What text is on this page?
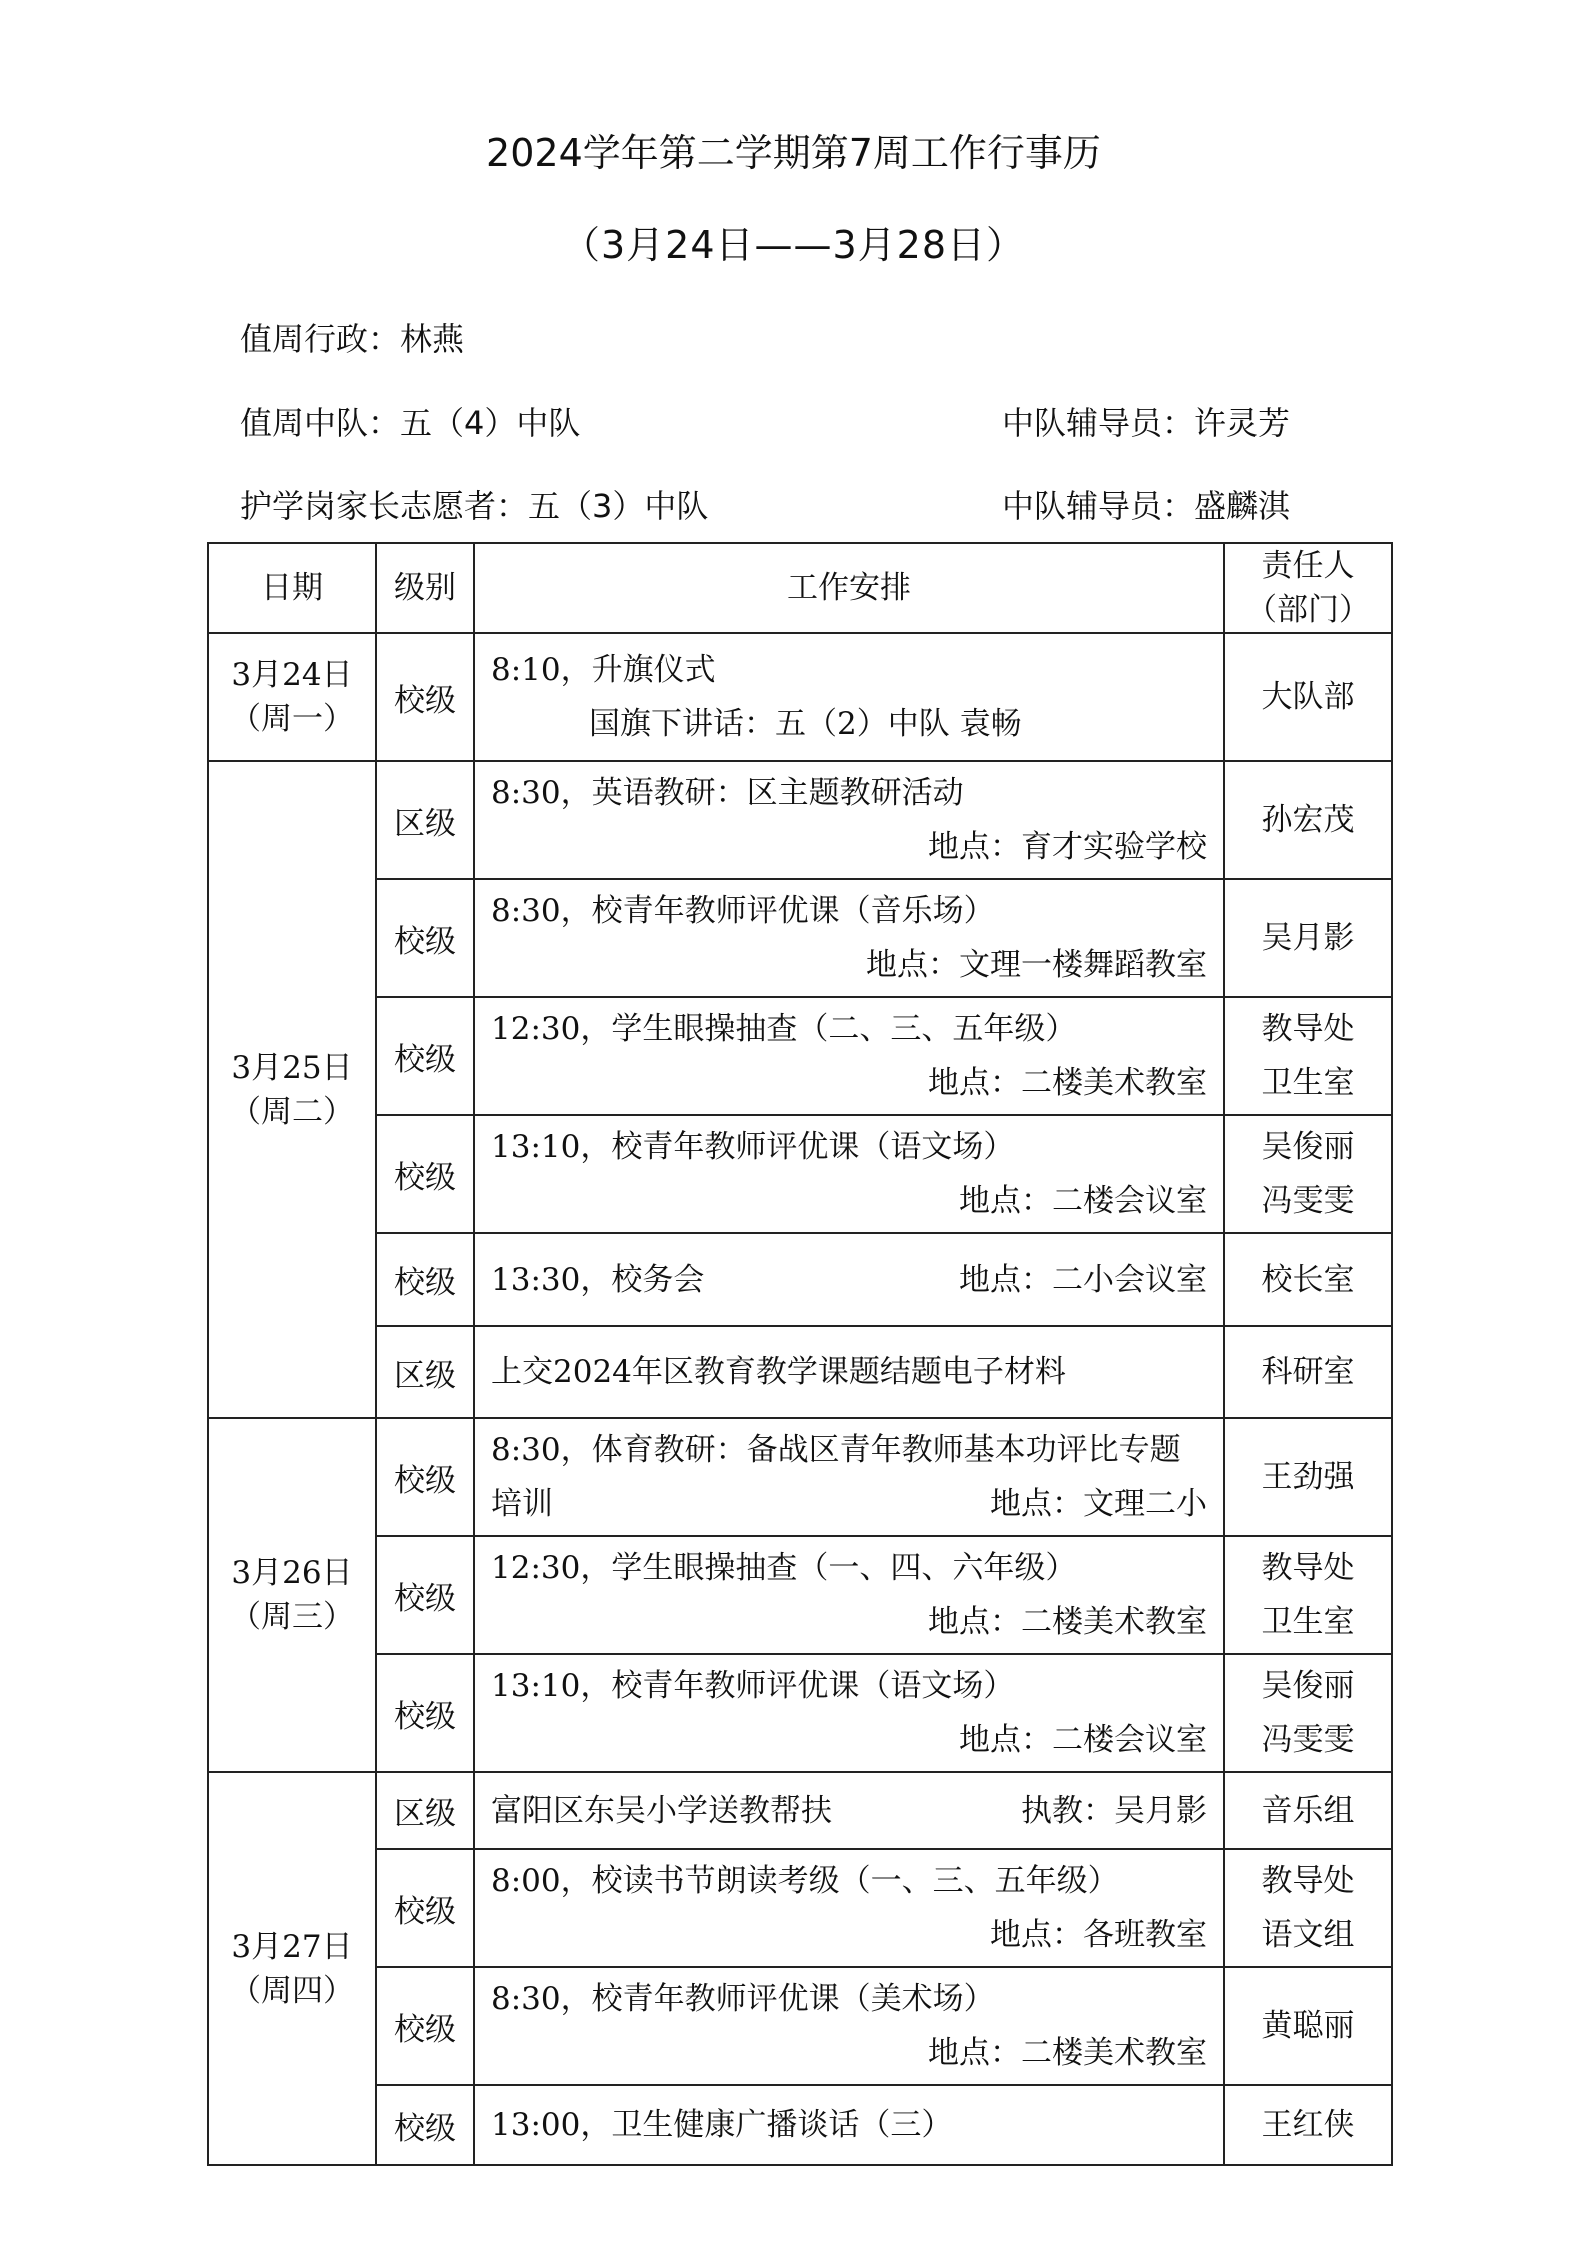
2024学年第二学期第7周工作行事历
（3月24日——3月28日）
值周行政：林燕
值周中队：五（4）中队	中队辅导员：许灵芳
护学岗家长志愿者：五（3）中队	中队辅导员：盛麟淇
日期	级别	工作安排	责任人
（部门）

3月24日
（周一）	校级	8:10，升旗仪式
国旗下讲话：五（2）中队 袁畅	大队部

3月25日
（周二）	区级	8:30，英语教研：区主题教研活动
地点：育才实验学校	孙宏茂
	校级	8:30，校青年教师评优课（音乐场）
地点：文理一楼舞蹈教室	吴月影
	校级	12:30，学生眼操抽查（二、三、五年级）
地点：二楼美术教室	教导处
卫生室

	校级	13:10，校青年教师评优课（语文场）
地点：二楼会议室	吴俊丽
冯雯雯

	校级	13:30，校务会 地点：二小会议室	校长室
	区级	上交2024年区教育教学课题结题电子材料	科研室

3月26日
（周三）	校级	8:30，体育教研：备战区青年教师基本功评比专题
培训 地点：文理二小	王劲强
	校级	12:30，学生眼操抽查（一、四、六年级）
地点：二楼美术教室	教导处
卫生室

	校级	13:10，校青年教师评优课（语文场）
地点：二楼会议室	吴俊丽
冯雯雯

3月27日
（周四）	区级	富阳区东吴小学送教帮扶 执教：吴月影	音乐组
	校级	8:00，校读书节朗读考级（一、三、五年级）
地点：各班教室	教导处
语文组

	校级	8:30，校青年教师评优课（美术场）
地点：二楼美术教室	黄聪丽
	校级	13:00，卫生健康广播谈话（三）	王红侠
